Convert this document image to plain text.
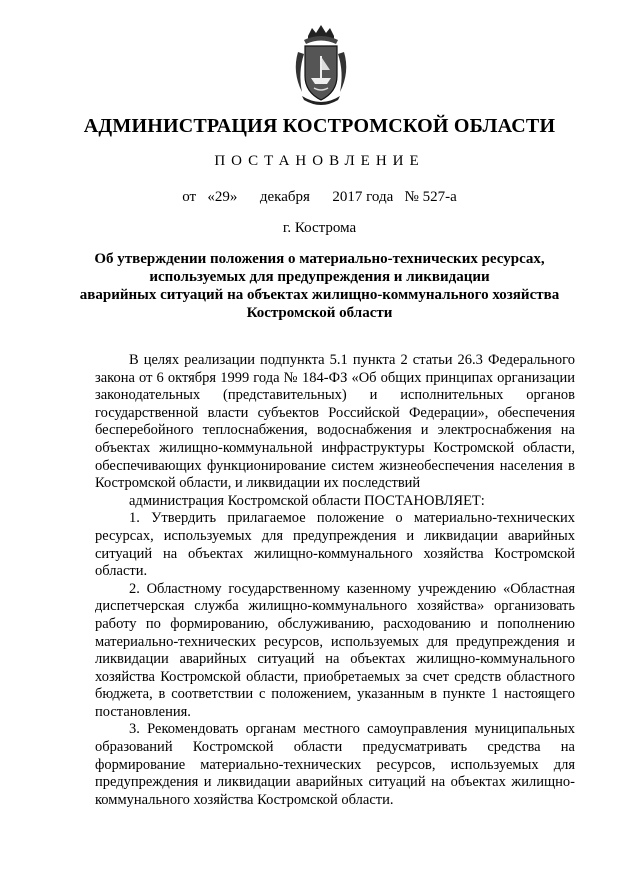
АДМИНИСТРАЦИЯ КОСТРОМСКОЙ ОБЛАСТИ
ПОСТАНОВЛЕНИЕ
от «29» декабря 2017 года № 527-а
г. Кострома
Об утверждении положения о материально-технических ресурсах,
используемых для предупреждения и ликвидации
аварийных ситуаций на объектах жилищно-коммунального хозяйства
Костромской области

В целях реализации подпункта 5.1 пункта 2 статьи 26.3 Федерального закона от 6 октября 1999 года № 184-ФЗ «Об общих принципах организации законодательных (представительных) и исполнительных органов государственной власти субъектов Российской Федерации», обеспечения бесперебойного теплоснабжения, водоснабжения и электроснабжения на объектах жилищно-коммунальной инфраструктуры Костромской области, обеспечивающих функционирование систем жизнеобеспечения населения в Костромской области, и ликвидации их последствий

администрация Костромской области ПОСТАНОВЛЯЕТ:

1. Утвердить прилагаемое положение о материально-технических ресурсах, используемых для предупреждения и ликвидации аварийных ситуаций на объектах жилищно-коммунального хозяйства Костромской области.

2. Областному государственному казенному учреждению «Областная диспетчерская служба жилищно-коммунального хозяйства» организовать работу по формированию, обслуживанию, расходованию и пополнению материально-технических ресурсов, используемых для предупреждения и ликвидации аварийных ситуаций на объектах жилищно-коммунального хозяйства Костромской области, приобретаемых за счет средств областного бюджета, в соответствии с положением, указанным в пункте 1 настоящего постановления.

3. Рекомендовать органам местного самоуправления муниципальных образований Костромской области предусматривать средства на формирование материально-технических ресурсов, используемых для предупреждения и ликвидации аварийных ситуаций на объектах жилищно-коммунального хозяйства Костромской области.
